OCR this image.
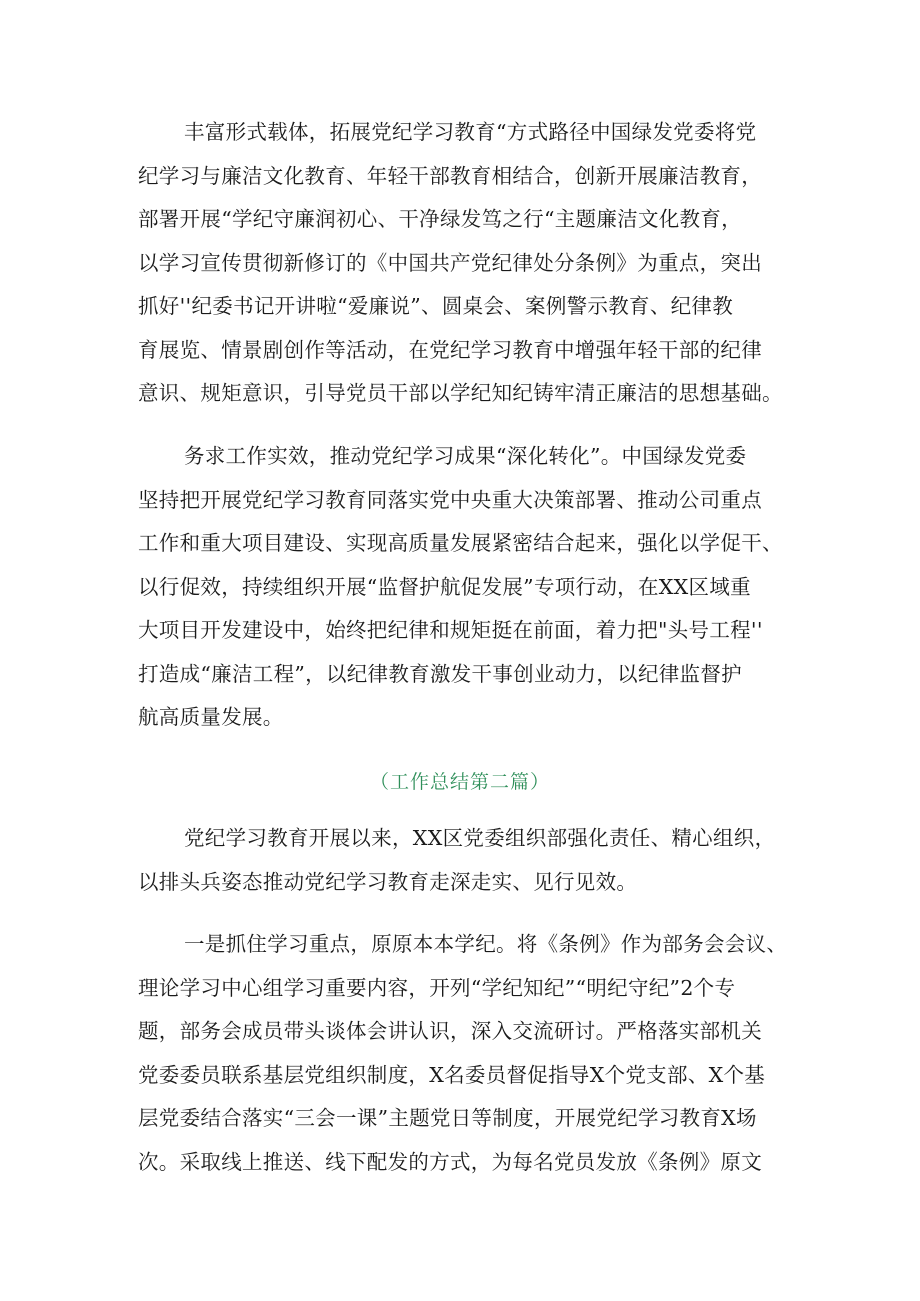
丰富形式载体，拓展党纪学习教育“方式路径中国绿发党委将党
纪学习与廉洁文化教育、年轻干部教育相结合，创新开展廉洁教育，
部署开展“学纪守廉润初心、干净绿发笃之行“主题廉洁文化教育，
以学习宣传贯彻新修订的《中国共产党纪律处分条例》为重点，突出
抓好''纪委书记开讲啦“爱廉说”、圆桌会、案例警示教育、纪律教
育展览、情景剧创作等活动，在党纪学习教育中增强年轻干部的纪律
意识、规矩意识，引导党员干部以学纪知纪铸牢清正廉洁的思想基础。
务求工作实效，推动党纪学习成果“深化转化”。中国绿发党委
坚持把开展党纪学习教育同落实党中央重大决策部署、推动公司重点
工作和重大项目建设、实现高质量发展紧密结合起来，强化以学促干、
以行促效，持续组织开展“监督护航促发展”专项行动，在XX区域重
大项目开发建设中，始终把纪律和规矩挺在前面，着力把"头号工程''
打造成“廉洁工程”，以纪律教育激发干事创业动力，以纪律监督护
航高质量发展。
（工作总结第二篇）
党纪学习教育开展以来，XX区党委组织部强化责任、精心组织，
以排头兵姿态推动党纪学习教育走深走实、见行见效。
一是抓住学习重点，原原本本学纪。将《条例》作为部务会会议、
理论学习中心组学习重要内容，开列“学纪知纪”“明纪守纪”2个专
题，部务会成员带头谈体会讲认识，深入交流研讨。严格落实部机关
党委委员联系基层党组织制度，X名委员督促指导X个党支部、X个基
层党委结合落实“三会一课”主题党日等制度，开展党纪学习教育X场
次。采取线上推送、线下配发的方式，为每名党员发放《条例》原文
